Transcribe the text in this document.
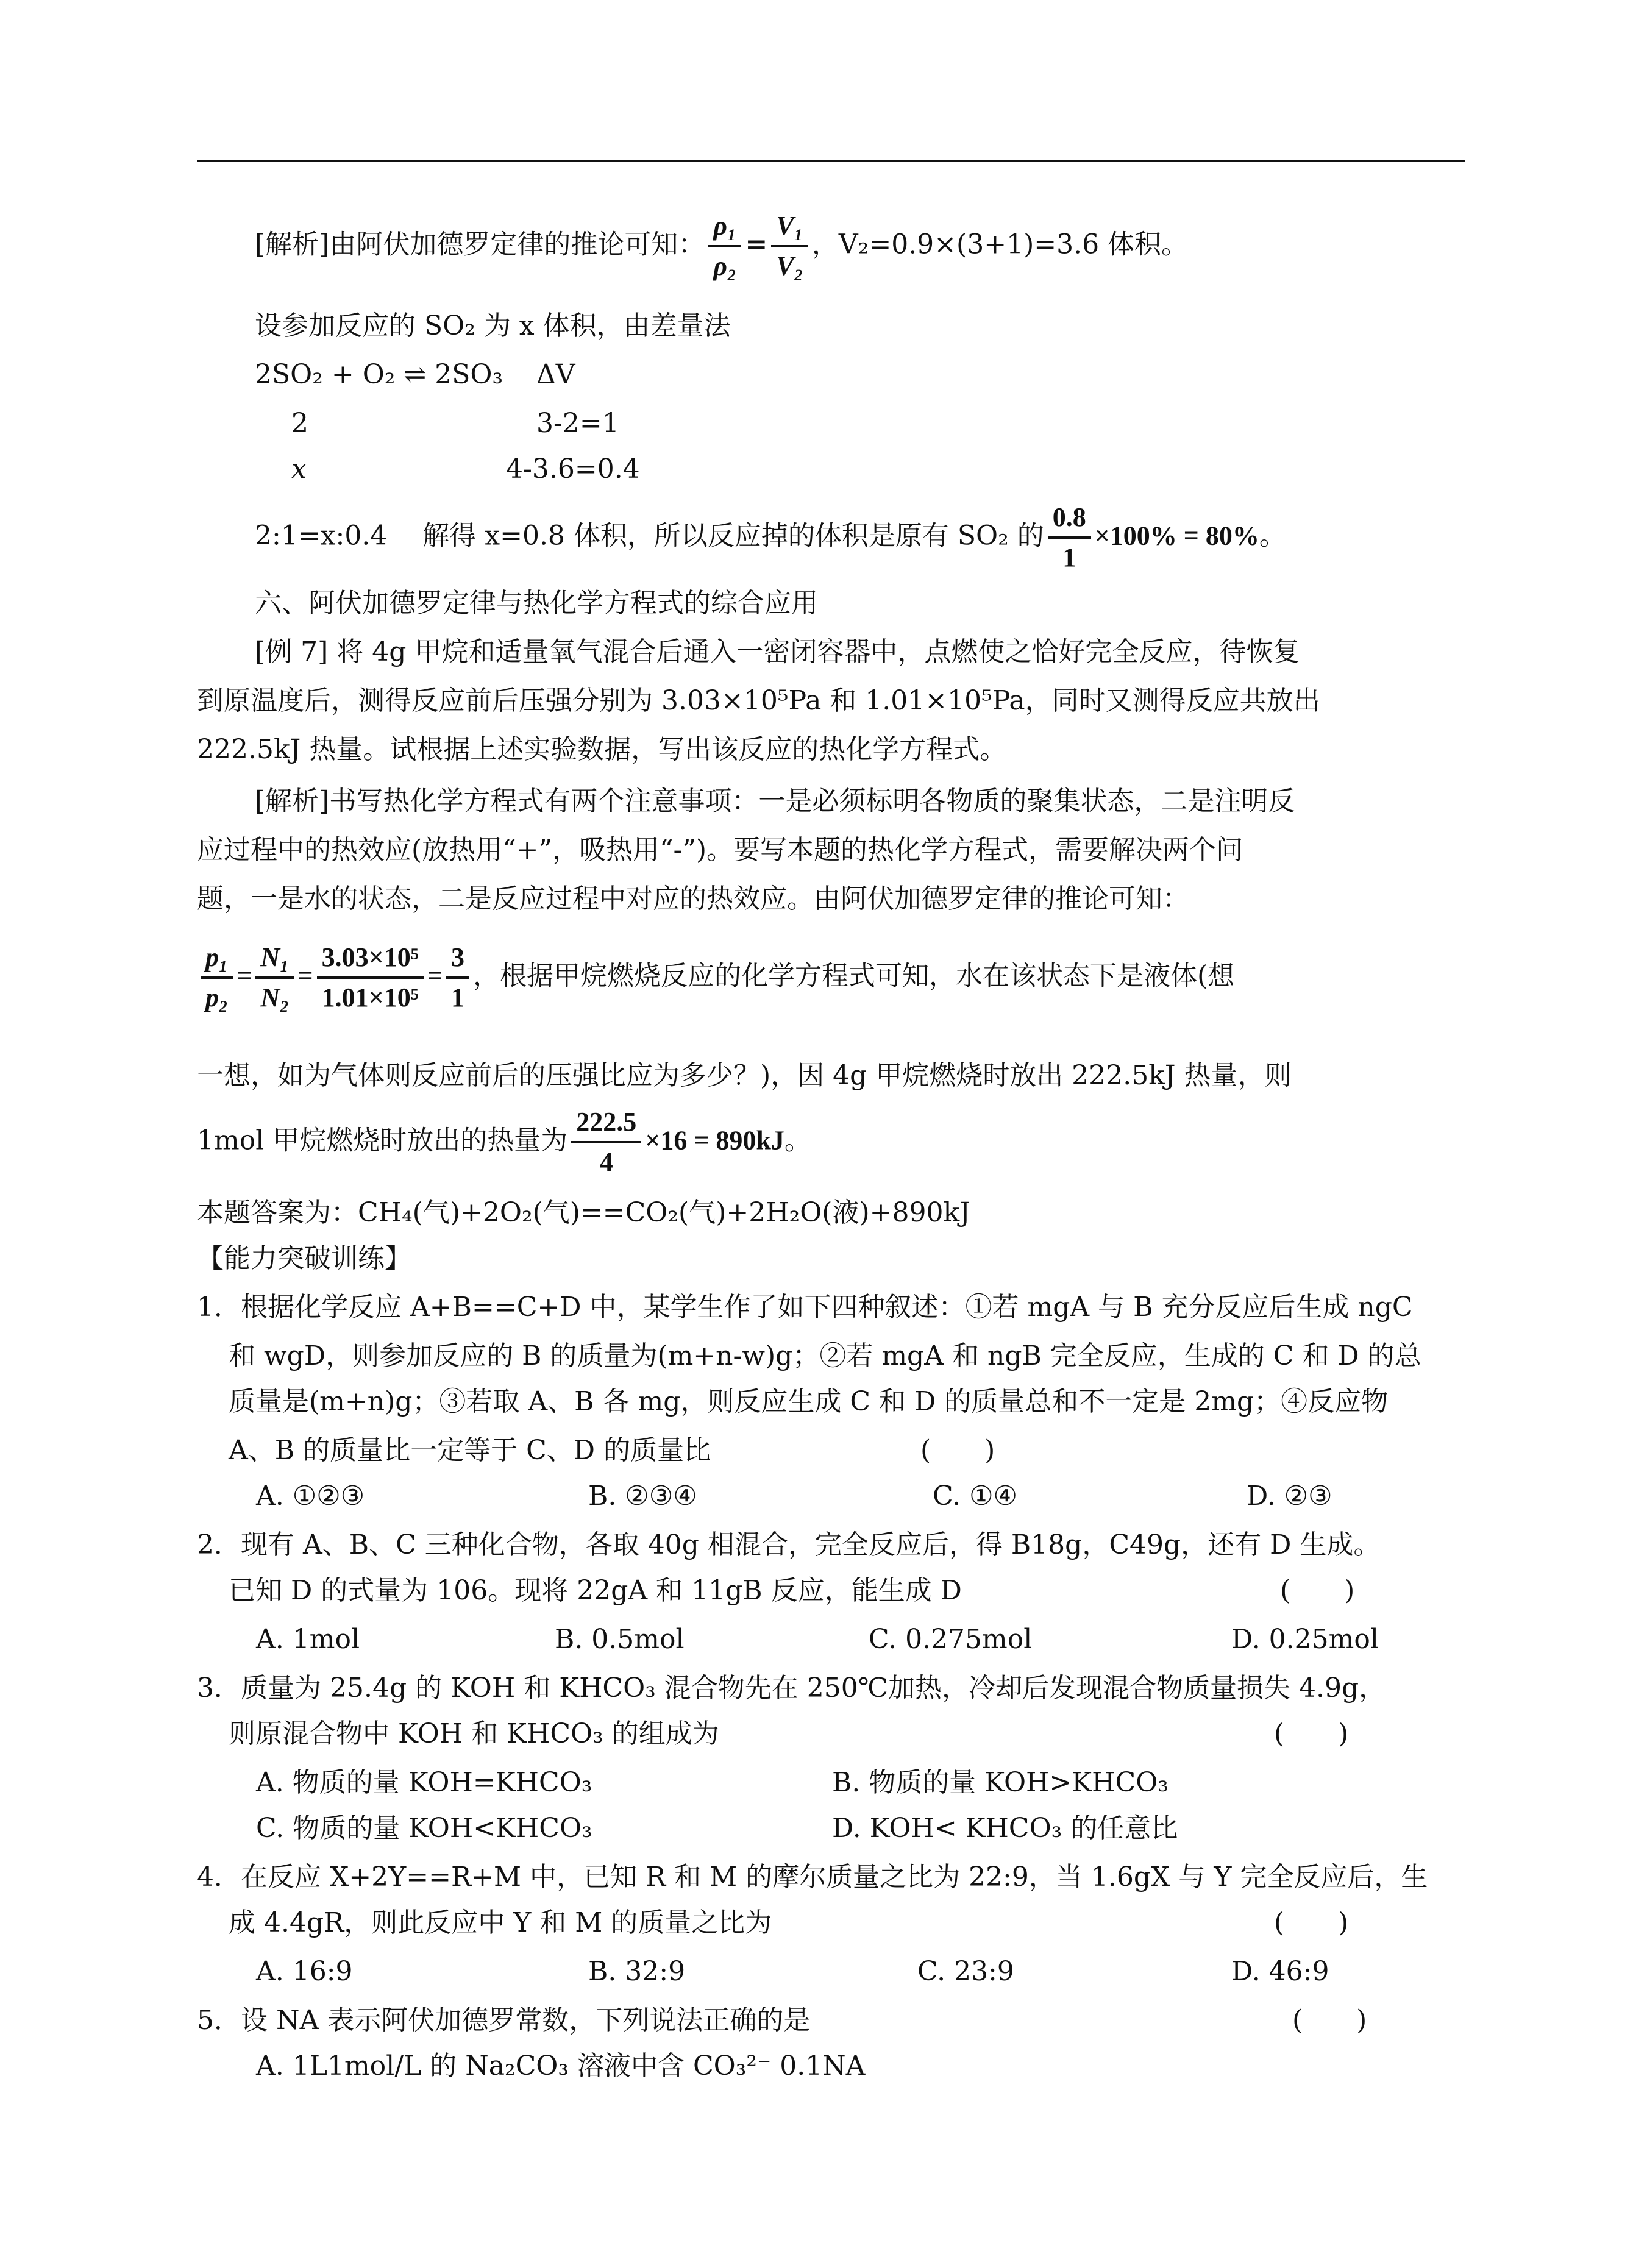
[解析]由阿伏加德罗定律的推论可知： $\frac{\text{ρ₁}}{\text{ρ₂}} = \frac{\text{V₁}}{\text{V₂}}$ ，V₂=0.9×(3+1)=3.6 体积。
设参加反应的 SO₂ 为 x 体积，由差量法
2SO₂ + O₂ ⇌ 2SO₃ ΔV
2	3-2=1
x	4-3.6=0.4
2:1=x:0.4　 解得 x=0.8 体积，所以反应掉的体积是原有 SO₂ 的 $\frac{0.8}{1} \times 100\% = 80\%$。
六、阿伏加德罗定律与热化学方程式的综合应用
[例 7] 将 4g 甲烷和适量氧气混合后通入一密闭容器中，点燃使之恰好完全反应，待恢复
到原温度后，测得反应前后压强分别为 3.03×10⁵Pa 和 1.01×10⁵Pa，同时又测得反应共放出
222.5kJ 热量。试根据上述实验数据，写出该反应的热化学方程式。
[解析]书写热化学方程式有两个注意事项：一是必须标明各物质的聚集状态，二是注明反
应过程中的热效应(放热用“+”，吸热用“-”)。要写本题的热化学方程式，需要解决两个问
题，一是水的状态，二是反应过程中对应的热效应。由阿伏加德罗定律的推论可知：
$\frac{\text{p₁}}{\text{p₂}} = \frac{\text{N₁}}{\text{N₂}} = \frac{\text{3.03×10⁵}}{\text{1.01×10⁵}} = \frac{3}{1}$ ，根据甲烷燃烧反应的化学方程式可知，水在该状态下是液体(想
一想，如为气体则反应前后的压强比应为多少？)，因 4g 甲烷燃烧时放出 222.5kJ 热量，则
1mol 甲烷燃烧时放出的热量为 $\frac{222.5}{4} \times 16 = 890kJ$。
本题答案为：CH₄(气)+2O₂(气)==CO₂(气)+2H₂O(液)+890kJ
【能力突破训练】
1．根据化学反应 A+B==C+D 中，某学生作了如下四种叙述：①若 mgA 与 B 充分反应后生成 ngC
和 wgD，则参加反应的 B 的质量为(m+n-w)g；②若 mgA 和 ngB 完全反应，生成的 C 和 D 的总
质量是(m+n)g；③若取 A、B 各 mg，则反应生成 C 和 D 的质量总和不一定是 2mg；④反应物
A、B 的质量比一定等于 C、D 的质量比	(　　)
A. ①②③	B. ②③④	C. ①④	D. ②③
2．现有 A、B、C 三种化合物，各取 40g 相混合，完全反应后，得 B18g，C49g，还有 D 生成。
已知 D 的式量为 106。现将 22gA 和 11gB 反应，能生成 D	(　　)
A. 1mol	B. 0.5mol	C. 0.275mol	D. 0.25mol
3．质量为 25.4g 的 KOH 和 KHCO₃ 混合物先在 250℃加热，冷却后发现混合物质量损失 4.9g，
则原混合物中 KOH 和 KHCO₃ 的组成为	(　　)
A. 物质的量 KOH=KHCO₃	B. 物质的量 KOH>KHCO₃
C. 物质的量 KOH<KHCO₃	D. KOH< KHCO₃ 的任意比
4．在反应 X+2Y==R+M 中，已知 R 和 M 的摩尔质量之比为 22:9，当 1.6gX 与 Y 完全反应后，生
成 4.4gR，则此反应中 Y 和 M 的质量之比为	(　　)
A. 16:9	B. 32:9	C. 23:9	D. 46:9
5．设 NA 表示阿伏加德罗常数，下列说法正确的是	(　　)
A. 1L1mol/L 的 Na₂CO₃ 溶液中含 CO₃²⁻ 0.1NA
